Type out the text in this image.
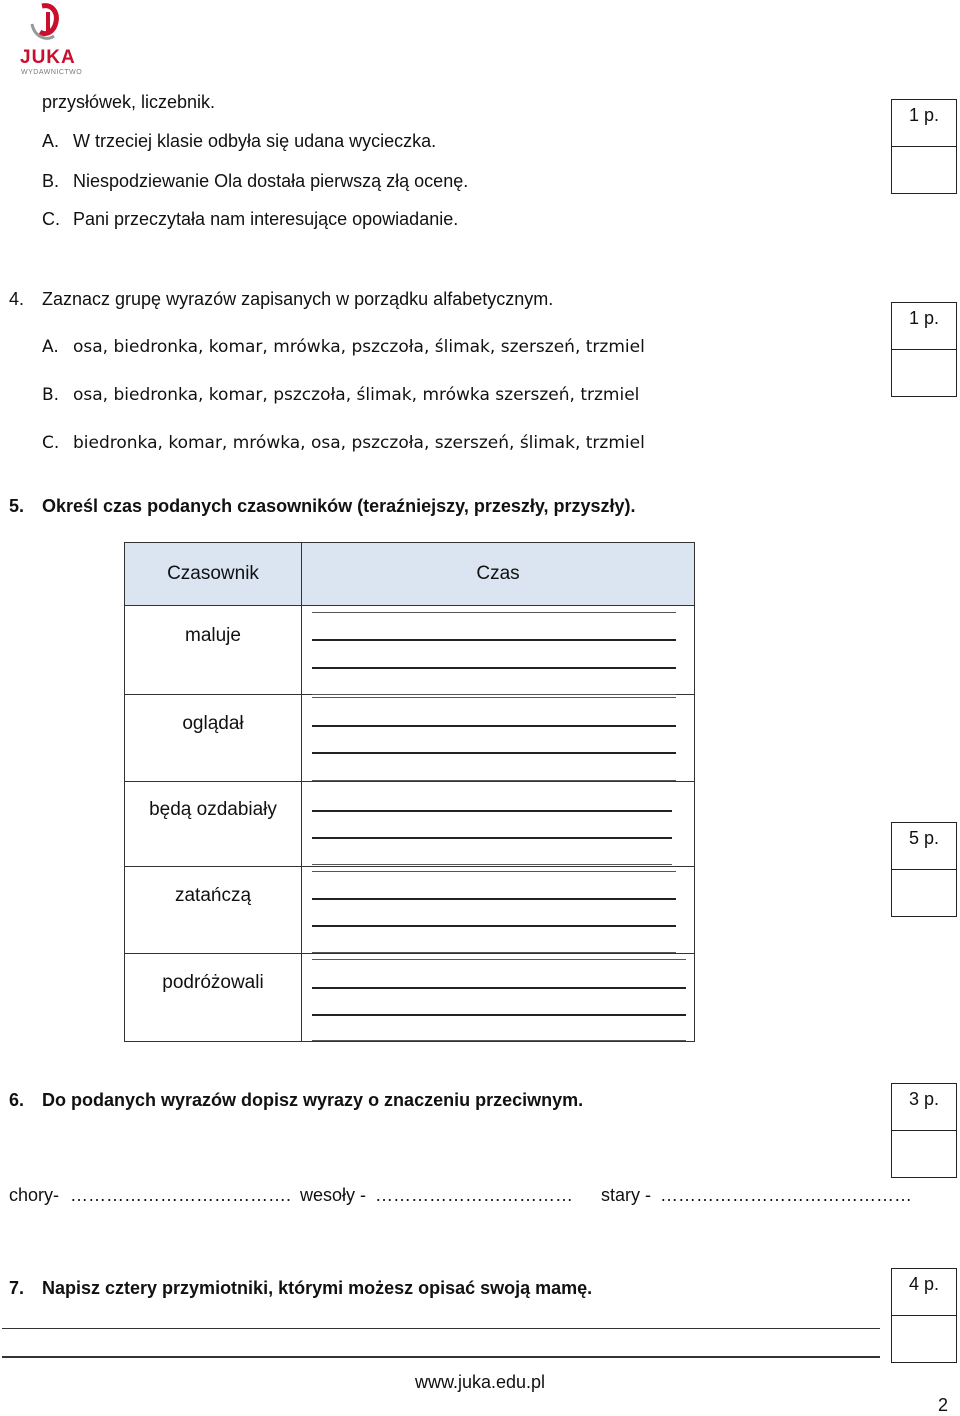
JUKA
WYDAWNICTWO
przysłówek, liczebnik.
A. W trzeciej klasie odbyła się udana wycieczka.
B. Niespodziewanie Ola dostała pierwszą złą ocenę.
C. Pani przeczytała nam interesujące opowiadanie.
1 p.
4. Zaznacz grupę wyrazów zapisanych w porządku alfabetycznym.
A. osa, biedronka, komar, mrówka, pszczoła, ślimak, szerszeń, trzmiel
B. osa, biedronka, komar, pszczoła, ślimak, mrówka szerszeń, trzmiel
C. biedronka, komar, mrówka, osa, pszczoła, szerszeń, ślimak, trzmiel
1 p.
5. Określ czas podanych czasowników (teraźniejszy, przeszły, przyszły).
Czasownik	Czas
maluje	

oglądał	

będą ozdabiały	

zatańczą	

podróżowali	
5 p.
6. Do podanych wyrazów dopisz wyrazy o znaczeniu przeciwnym.	3 p.
chory- ………………………………. wesoły - …………………………… stary - ……………………………………
7. Napisz cztery przymiotniki, którymi możesz opisać swoją mamę.	4 p.
www.juka.edu.pl
2
